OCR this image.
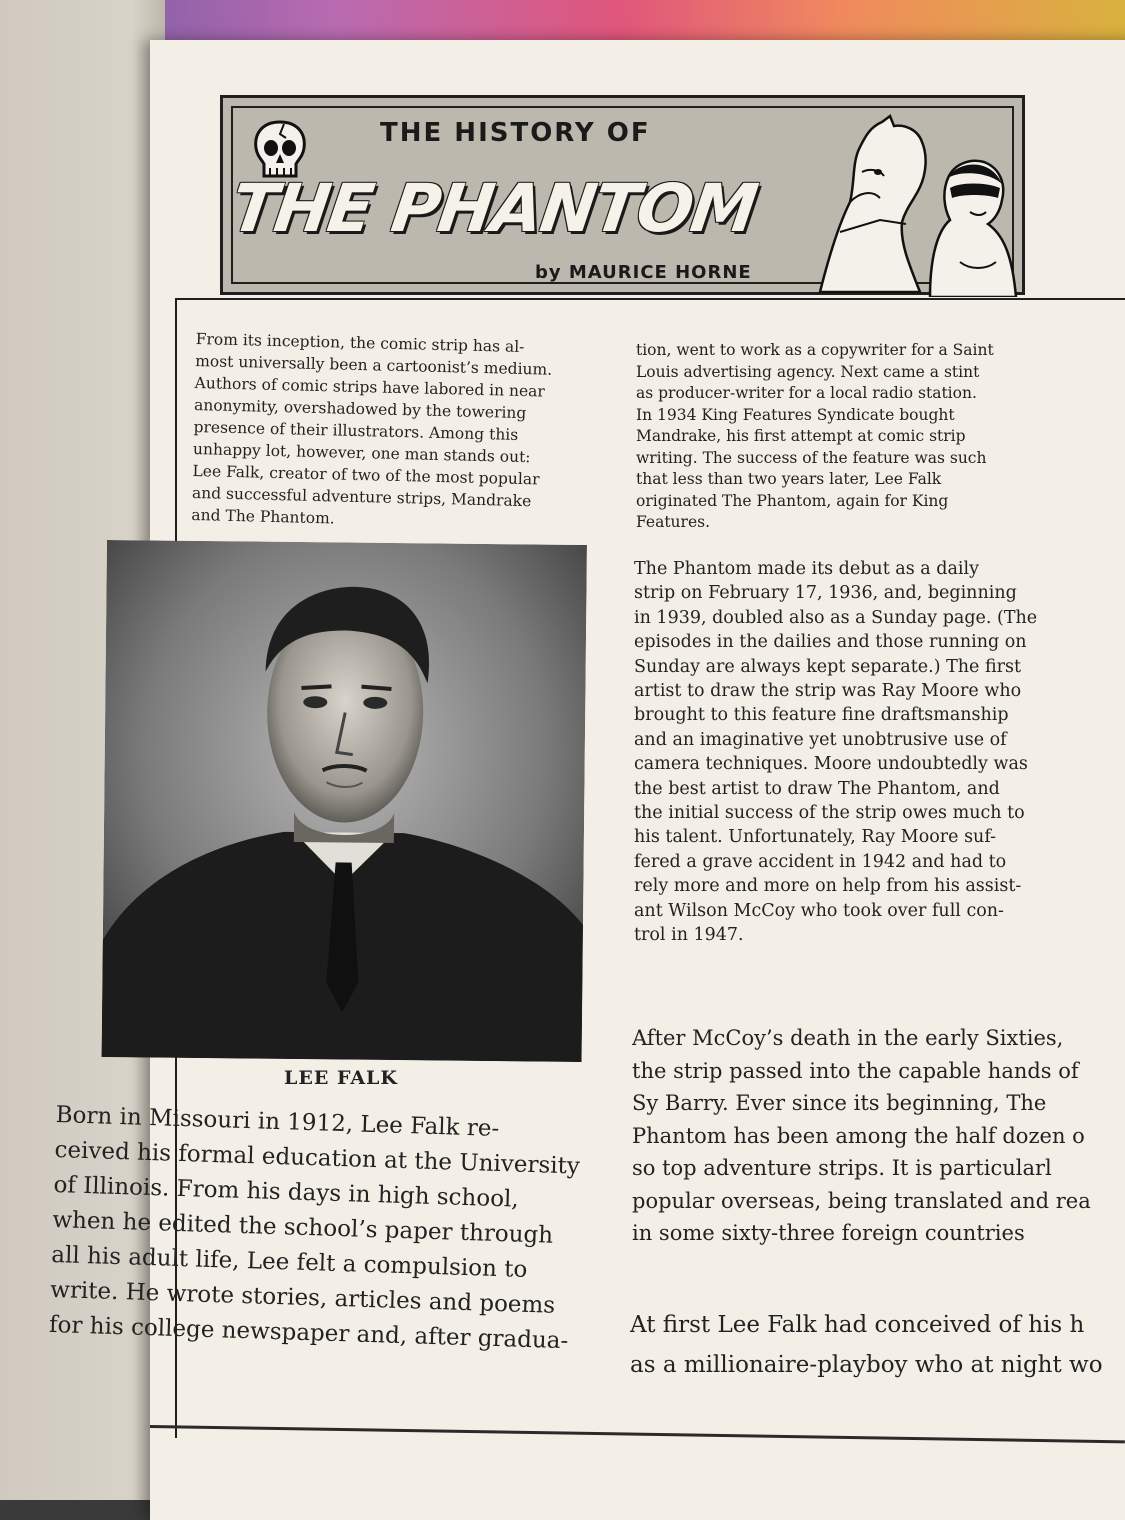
THE HISTORY OF
THE PHANTOM

by MAURICE HORNE

From its inception, the comic strip has al-
most universally been a cartoonist’s medium.
Authors of comic strips have labored in near
anonymity, overshadowed by the towering
presence of their illustrators. Among this
unhappy lot, however, one man stands out:
Lee Falk, creator of two of the most popular
and successful adventure strips, Mandrake
and The Phantom.

tion, went to work as a copywriter for a Saint
Louis advertising agency. Next came a stint
as producer-writer for a local radio station.
In 1934 King Features Syndicate bought
Mandrake, his first attempt at comic strip
writing. The success of the feature was such
that less than two years later, Lee Falk
originated The Phantom, again for King
Features.

The Phantom made its debut as a daily
strip on February 17, 1936, and, beginning
in 1939, doubled also as a Sunday page. (The
episodes in the dailies and those running on
Sunday are always kept separate.) The first
artist to draw the strip was Ray Moore who
brought to this feature fine draftsmanship
and an imaginative yet unobtrusive use of
camera techniques. Moore undoubtedly was
the best artist to draw The Phantom, and
the initial success of the strip owes much to
his talent. Unfortunately, Ray Moore suf-
fered a grave accident in 1942 and had to
rely more and more on help from his assist-
ant Wilson McCoy who took over full con-
trol in 1947.

After McCoy’s death in the early Sixties,
the strip passed into the capable hands of
Sy Barry. Ever since its beginning, The
Phantom has been among the half dozen o
so top adventure strips. It is particularl
popular overseas, being translated and rea
in some sixty-three foreign countries

At first Lee Falk had conceived of his h
as a millionaire-playboy who at night wo

LEE FALK

Born in Missouri in 1912, Lee Falk re-
ceived his formal education at the University
of Illinois. From his days in high school,
when he edited the school’s paper through
all his adult life, Lee felt a compulsion to
write. He wrote stories, articles and poems
for his college newspaper and, after gradua-
